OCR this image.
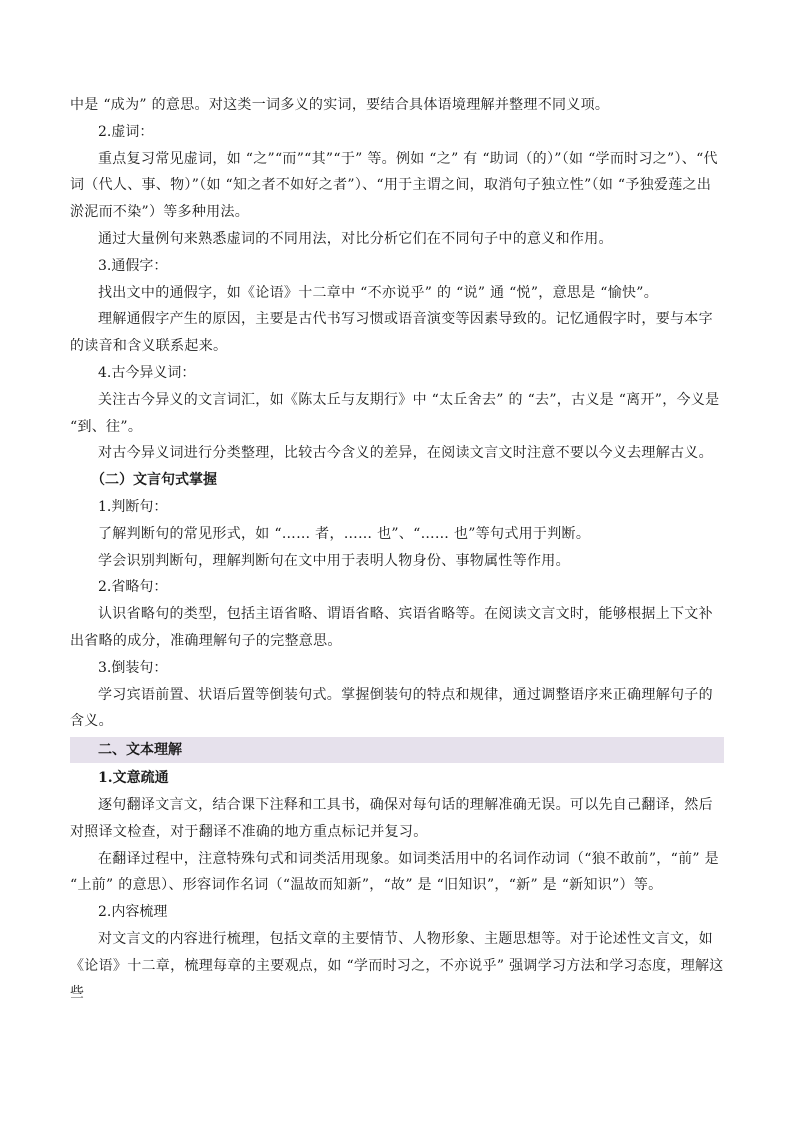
中是 “成为” 的意思。对这类一词多义的实词，要结合具体语境理解并整理不同义项。

2.虚词：

重点复习常见虚词，如 “之”“而”“其”“于” 等。例如 “之” 有 “助词（的）”（如 “学而时习之”）、“代词（代人、事、物）”（如 “知之者不如好之者”）、“用于主谓之间，取消句子独立性”（如 “予独爱莲之出淤泥而不染”）等多种用法。

通过大量例句来熟悉虚词的不同用法，对比分析它们在不同句子中的意义和作用。

3.通假字：

找出文中的通假字，如《论语》十二章中 “不亦说乎” 的 “说” 通 “悦”，意思是 “愉快”。

理解通假字产生的原因，主要是古代书写习惯或语音演变等因素导致的。记忆通假字时，要与本字的读音和含义联系起来。

4.古今异义词：

关注古今异义的文言词汇，如《陈太丘与友期行》中 “太丘舍去” 的 “去”，古义是 “离开”，今义是 “到、往”。

对古今异义词进行分类整理，比较古今含义的差异，在阅读文言文时注意不要以今义去理解古义。

（二）文言句式掌握

1.判断句：

了解判断句的常见形式，如 “…… 者，…… 也”、“…… 也”等句式用于判断。

学会识别判断句，理解判断句在文中用于表明人物身份、事物属性等作用。

2.省略句：

认识省略句的类型，包括主语省略、谓语省略、宾语省略等。在阅读文言文时，能够根据上下文补出省略的成分，准确理解句子的完整意思。

3.倒装句：

学习宾语前置、状语后置等倒装句式。掌握倒装句的特点和规律，通过调整语序来正确理解句子的含义。

二、文本理解

1.文意疏通

逐句翻译文言文，结合课下注释和工具书，确保对每句话的理解准确无误。可以先自己翻译，然后对照译文检查，对于翻译不准确的地方重点标记并复习。

在翻译过程中，注意特殊句式和词类活用现象。如词类活用中的名词作动词（“狼不敢前”，“前” 是 “上前” 的意思）、形容词作名词（“温故而知新”，“故” 是 “旧知识”，“新” 是 “新知识”）等。

2.内容梳理

对文言文的内容进行梳理，包括文章的主要情节、人物形象、主题思想等。对于论述性文言文，如《论语》十二章，梳理每章的主要观点，如 “学而时习之，不亦说乎” 强调学习方法和学习态度，理解这些
